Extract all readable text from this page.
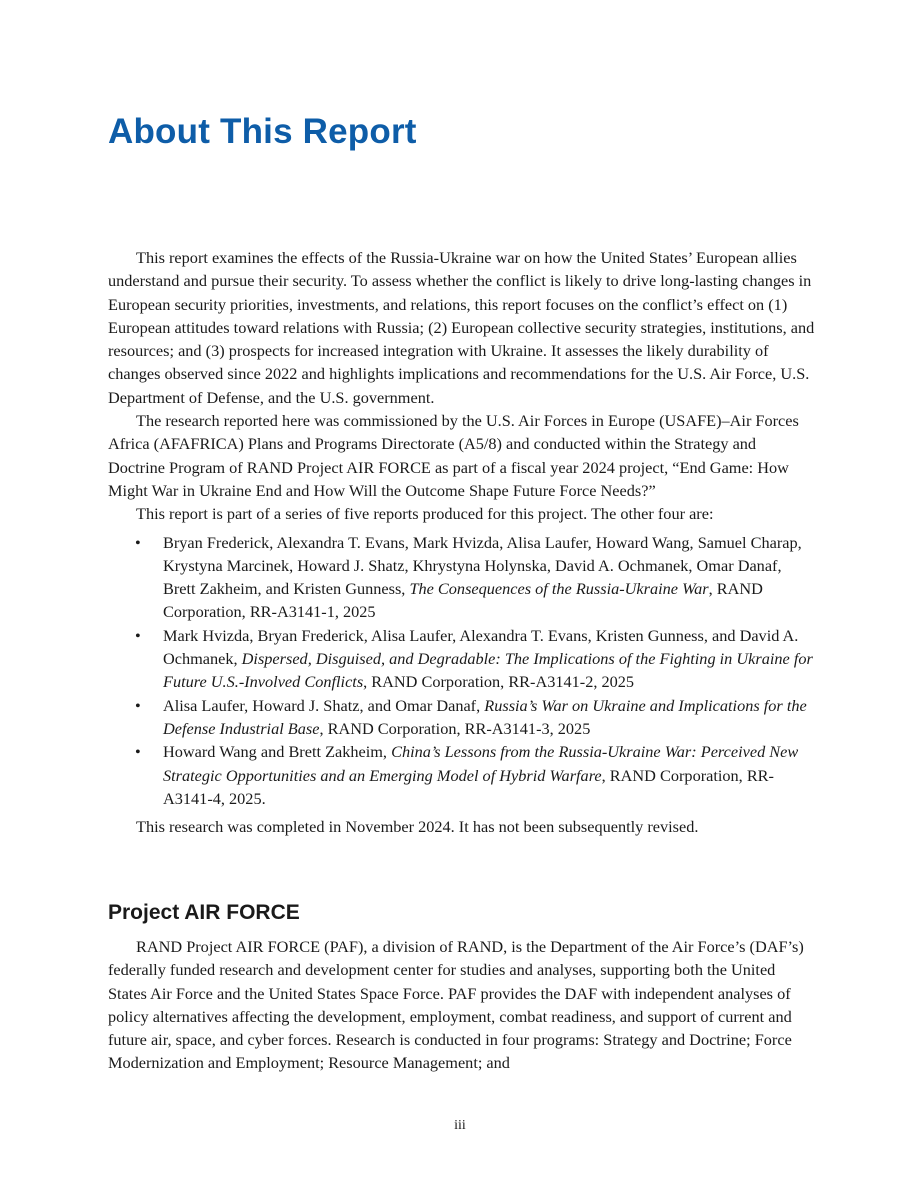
About This Report

This report examines the effects of the Russia-Ukraine war on how the United States’ European allies understand and pursue their security. To assess whether the conflict is likely to drive long-lasting changes in European security priorities, investments, and relations, this report focuses on the conflict’s effect on (1) European attitudes toward relations with Russia; (2) European collective security strategies, institutions, and resources; and (3) prospects for increased integration with Ukraine. It assesses the likely durability of changes observed since 2022 and highlights implications and recommendations for the U.S. Air Force, U.S. Department of Defense, and the U.S. government.

The research reported here was commissioned by the U.S. Air Forces in Europe (USAFE)–Air Forces Africa (AFAFRICA) Plans and Programs Directorate (A5/8) and conducted within the Strategy and Doctrine Program of RAND Project AIR FORCE as part of a fiscal year 2024 project, “End Game: How Might War in Ukraine End and How Will the Outcome Shape Future Force Needs?”

This report is part of a series of five reports produced for this project. The other four are:

• Bryan Frederick, Alexandra T. Evans, Mark Hvizda, Alisa Laufer, Howard Wang, Samuel Charap, Krystyna Marcinek, Howard J. Shatz, Khrystyna Holynska, David A. Ochmanek, Omar Danaf, Brett Zakheim, and Kristen Gunness, The Consequences of the Russia-Ukraine War, RAND Corporation, RR-A3141-1, 2025
• Mark Hvizda, Bryan Frederick, Alisa Laufer, Alexandra T. Evans, Kristen Gunness, and David A. Ochmanek, Dispersed, Disguised, and Degradable: The Implications of the Fighting in Ukraine for Future U.S.-Involved Conflicts, RAND Corporation, RR-A3141-2, 2025
• Alisa Laufer, Howard J. Shatz, and Omar Danaf, Russia’s War on Ukraine and Implications for the Defense Industrial Base, RAND Corporation, RR-A3141-3, 2025
• Howard Wang and Brett Zakheim, China’s Lessons from the Russia-Ukraine War: Perceived New Strategic Opportunities and an Emerging Model of Hybrid Warfare, RAND Corporation, RR-A3141-4, 2025.

This research was completed in November 2024. It has not been subsequently revised.

Project AIR FORCE

RAND Project AIR FORCE (PAF), a division of RAND, is the Department of the Air Force’s (DAF’s) federally funded research and development center for studies and analyses, supporting both the United States Air Force and the United States Space Force. PAF provides the DAF with independent analyses of policy alternatives affecting the development, employment, combat readiness, and support of current and future air, space, and cyber forces. Research is conducted in four programs: Strategy and Doctrine; Force Modernization and Employment; Resource Management; and

iii
